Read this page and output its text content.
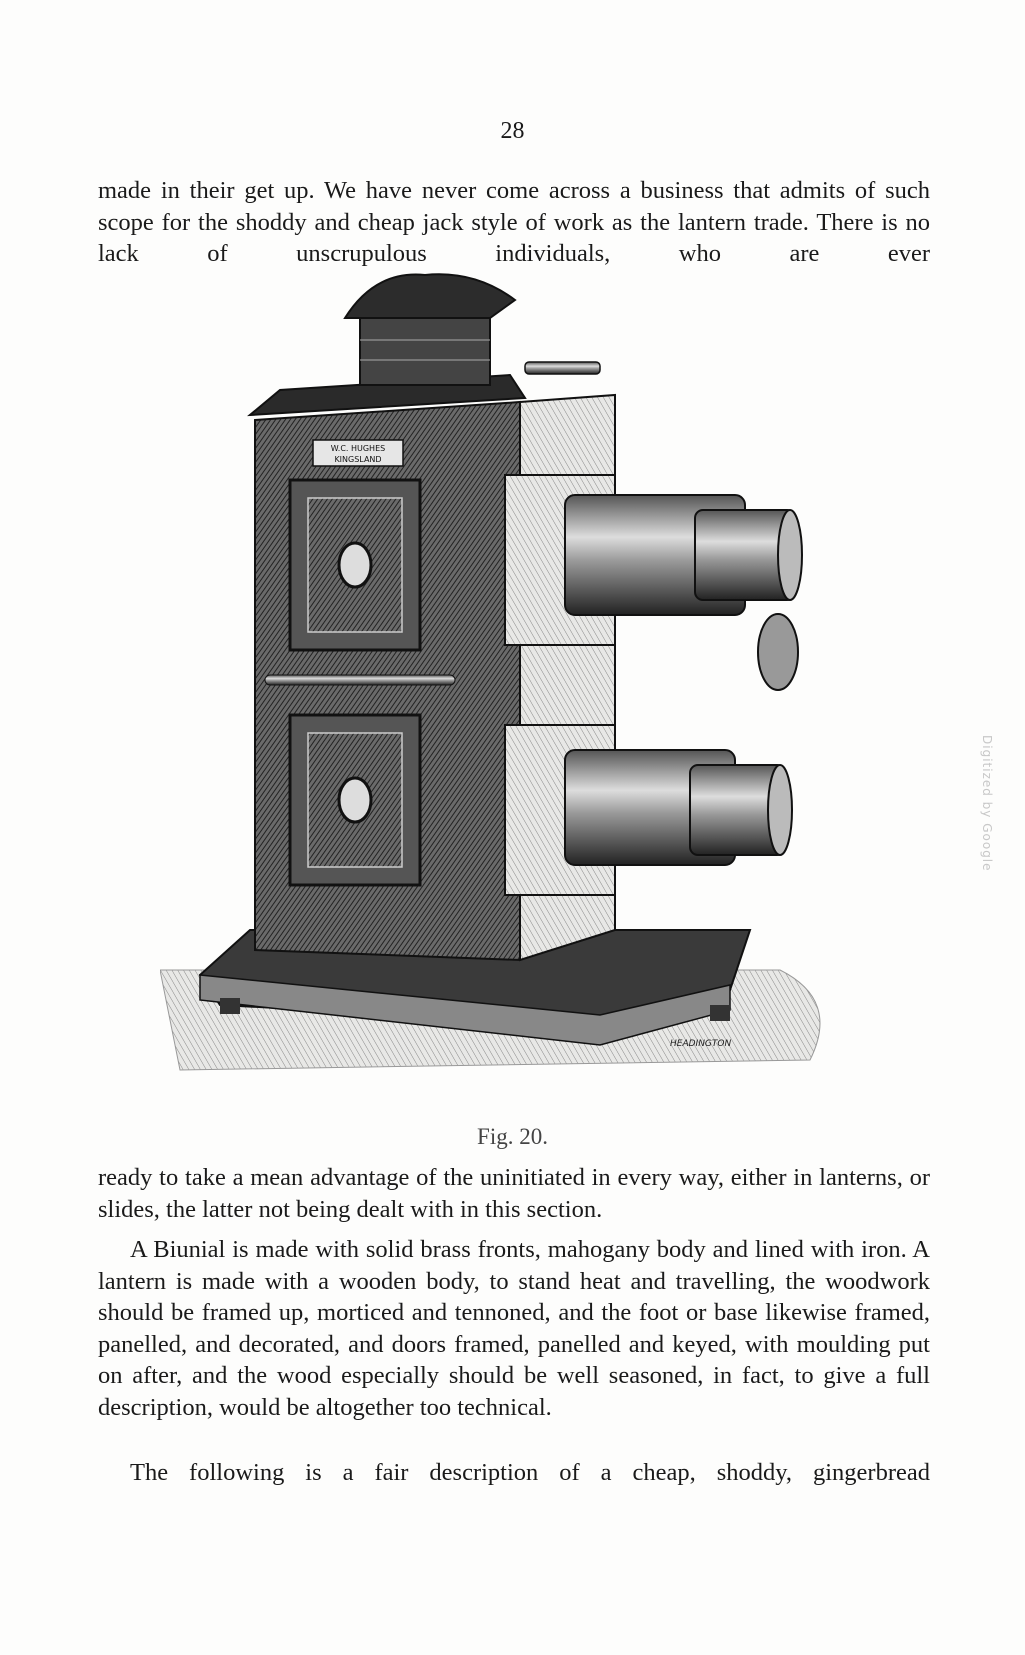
28

made in their get up. We have never come across a business that admits of such scope for the shoddy and cheap jack style of work as the lantern trade. There is no lack of unscrupulous individuals, who are ever

W.C. HUGHES
KINGSLAND
HEADINGTON
Fig. 20.

ready to take a mean advantage of the uninitiated in every way, either in lanterns, or slides, the latter not being dealt with in this section.

A Biunial is made with solid brass fronts, mahogany body and lined with iron. A lantern is made with a wooden body, to stand heat and travelling, the woodwork should be framed up, morticed and tennoned, and the foot or base likewise framed, panelled, and decorated, and doors framed, panelled and keyed, with moulding put on after, and the wood especially should be well seasoned, in fact, to give a full description, would be altogether too technical.

The following is a fair description of a cheap, shoddy, gingerbread

Digitized by Google
